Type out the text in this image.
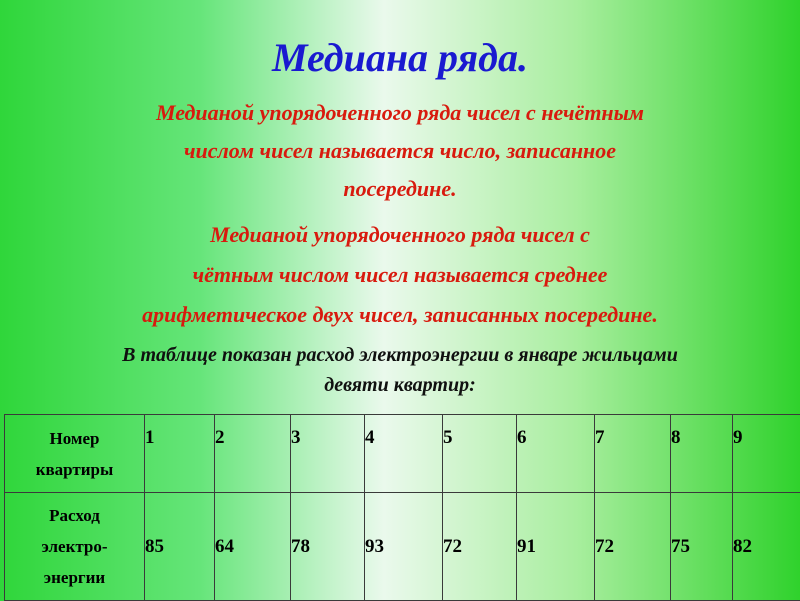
Медиана ряда.
Медианой упорядоченного ряда чисел с нечётным
числом чисел называется число, записанное
посередине.
Медианой упорядоченного ряда чисел с
чётным числом чисел называется среднее
арифметическое двух чисел, записанных посередине.
В таблице показан расход электроэнергии в январе жильцами
девяти квартир:
Номер
квартиры	1	2	3	4	5	6	7	8	9

Расход
электро-
энергии	85	64	78	93	72	91	72	75	82
